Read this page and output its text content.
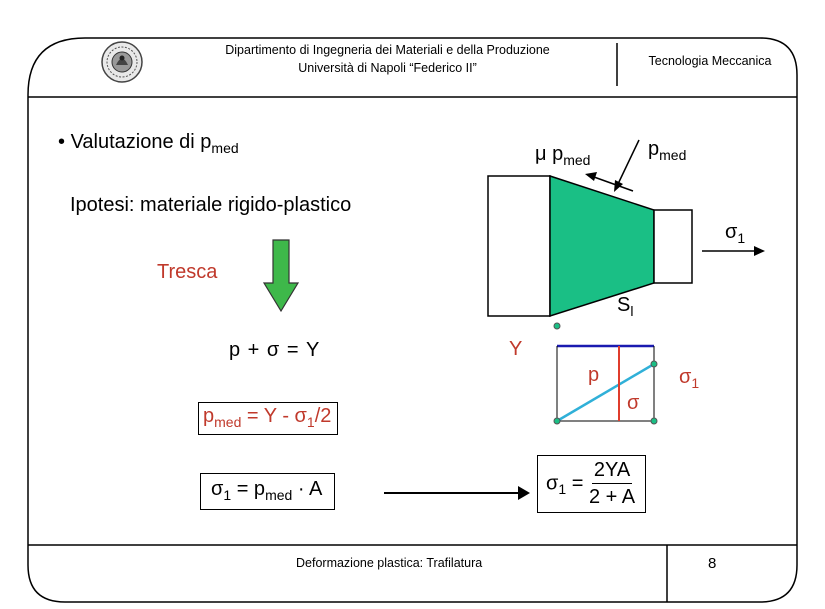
Dipartimento di Ingegneria dei Materiali e della Produzione
Università di Napoli “Federico II”	Tecnologia Meccanica
• Valutazione di $p_{med}$
Ipotesi: materiale rigido-plastico
Tresca
p + σ = Y
$p_{med} = Y - \sigma_1/2$
$\sigma_1 = p_{med} \cdot A$	$\sigma_1 = \frac{2YA}{2 + A}$
μ $p_{med}$	$p_{med}$
$\sigma_1$
$S_l$
Y
p
σ
$\sigma_1$
Deformazione plastica: Trafilatura	8
